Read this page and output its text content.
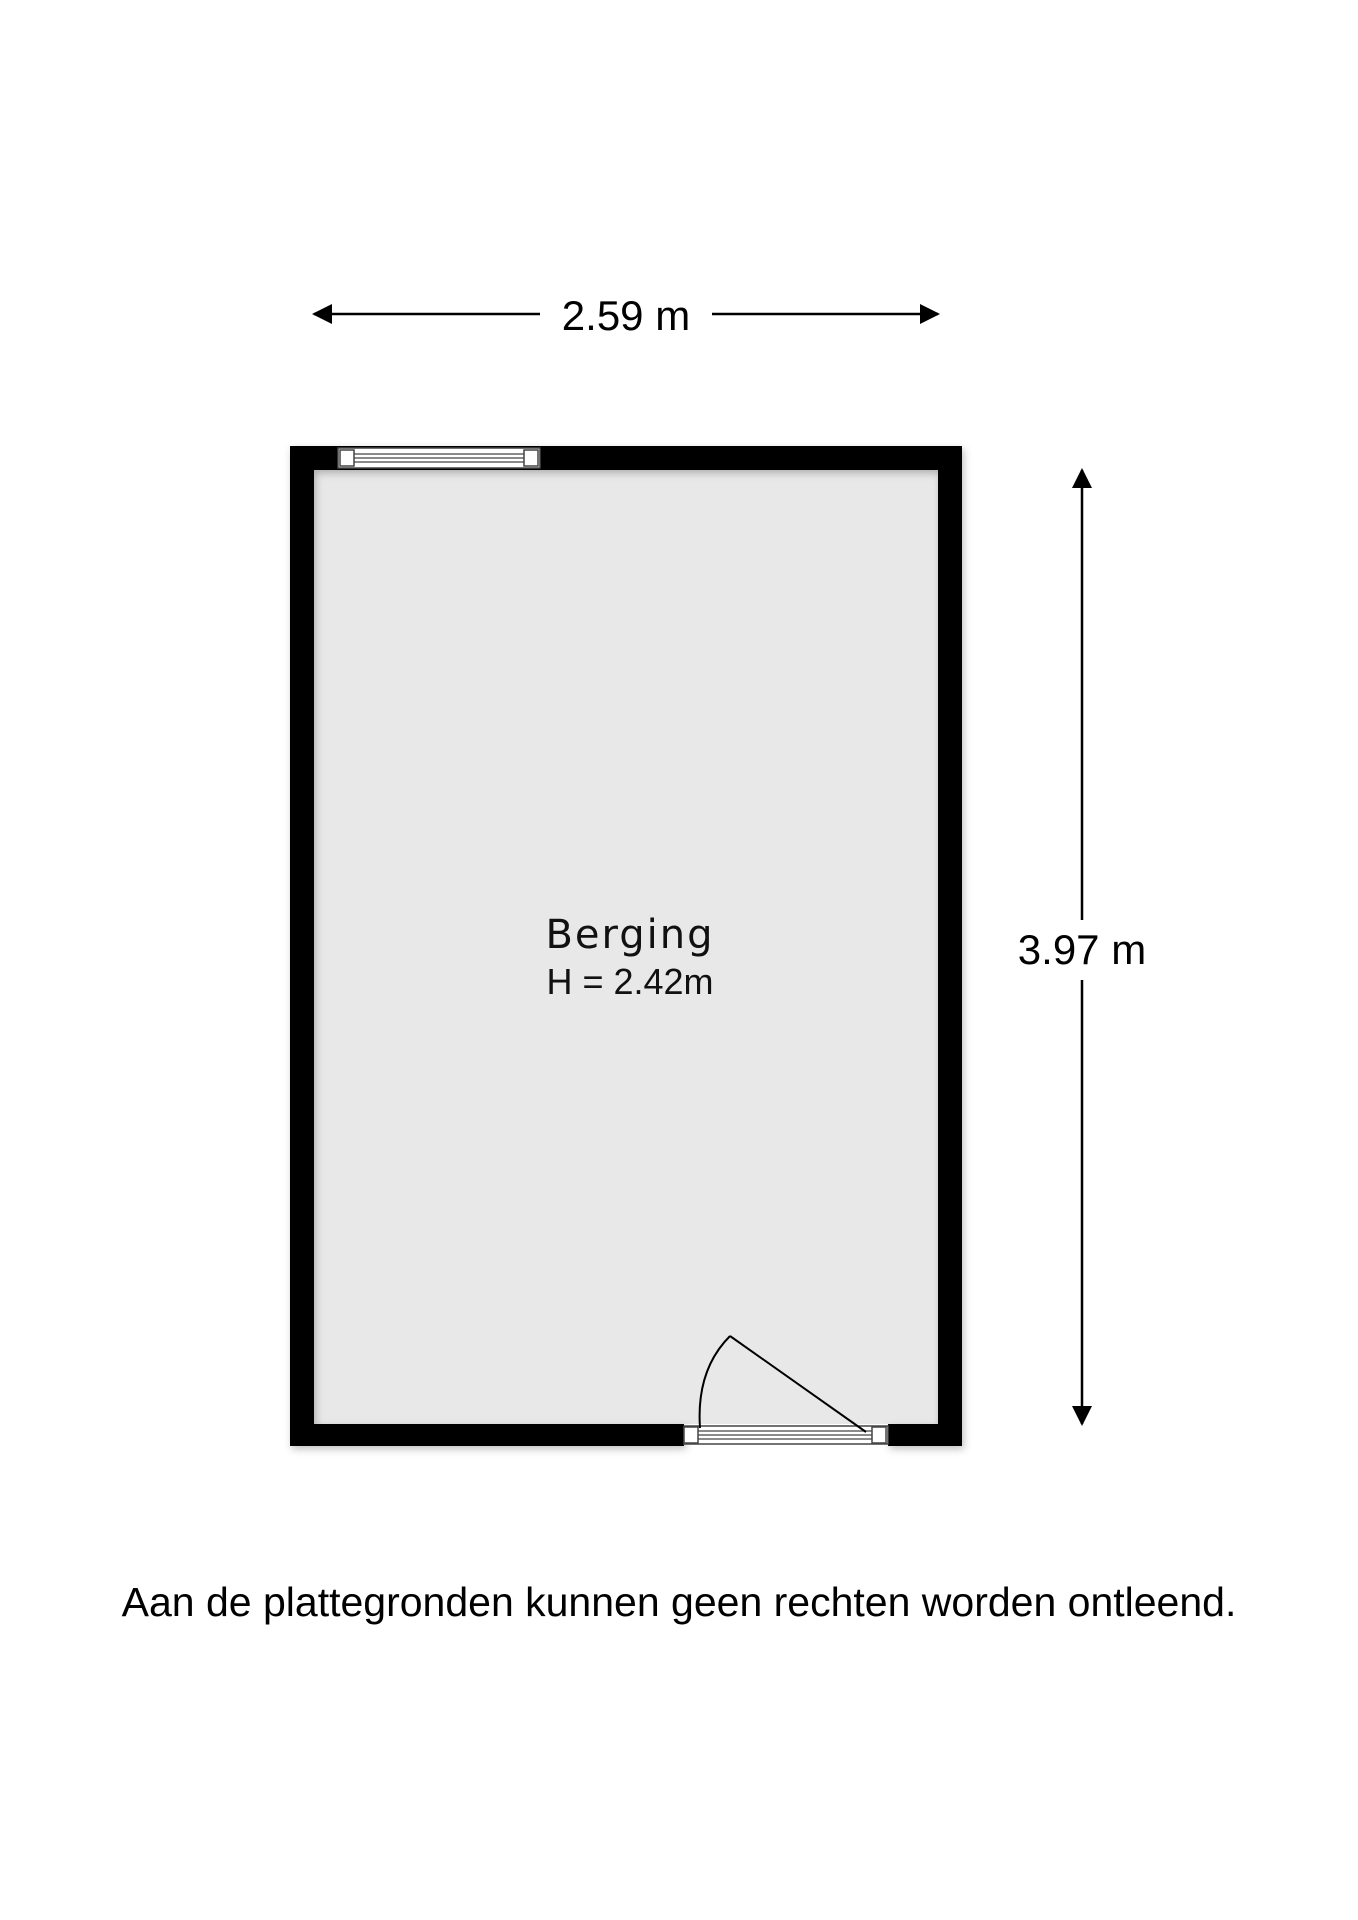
2.59 m
3.97 m
Berging
H = 2.42m
Aan de plattegronden kunnen geen rechten worden ontleend.
